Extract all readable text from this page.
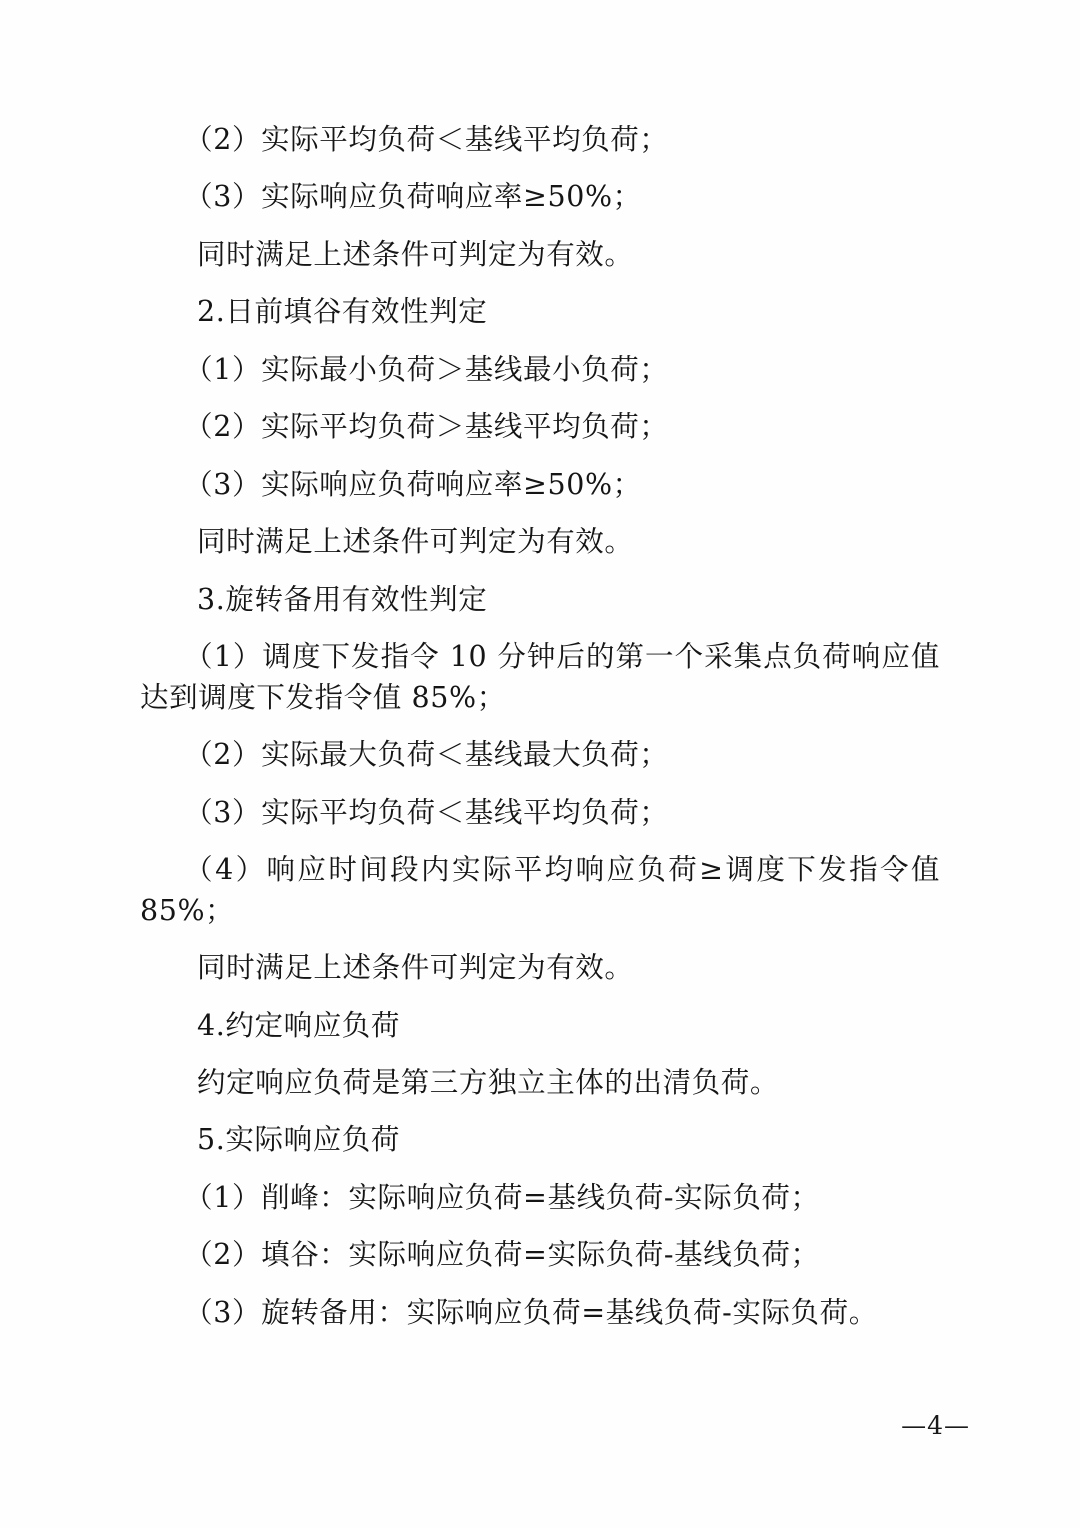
（2）实际平均负荷＜基线平均负荷；

（3）实际响应负荷响应率≥50%；

同时满足上述条件可判定为有效。

2.日前填谷有效性判定

（1）实际最小负荷＞基线最小负荷；

（2）实际平均负荷＞基线平均负荷；

（3）实际响应负荷响应率≥50%；

同时满足上述条件可判定为有效。

3.旋转备用有效性判定

（1）调度下发指令 10 分钟后的第一个采集点负荷响应值达到调度下发指令值 85%；

（2）实际最大负荷＜基线最大负荷；

（3）实际平均负荷＜基线平均负荷；

（4）响应时间段内实际平均响应负荷≥调度下发指令值 85%；

同时满足上述条件可判定为有效。

4.约定响应负荷

约定响应负荷是第三方独立主体的出清负荷。

5.实际响应负荷

（1）削峰：实际响应负荷=基线负荷-实际负荷；

（2）填谷：实际响应负荷=实际负荷-基线负荷；

（3）旋转备用：实际响应负荷=基线负荷-实际负荷。

—4—
